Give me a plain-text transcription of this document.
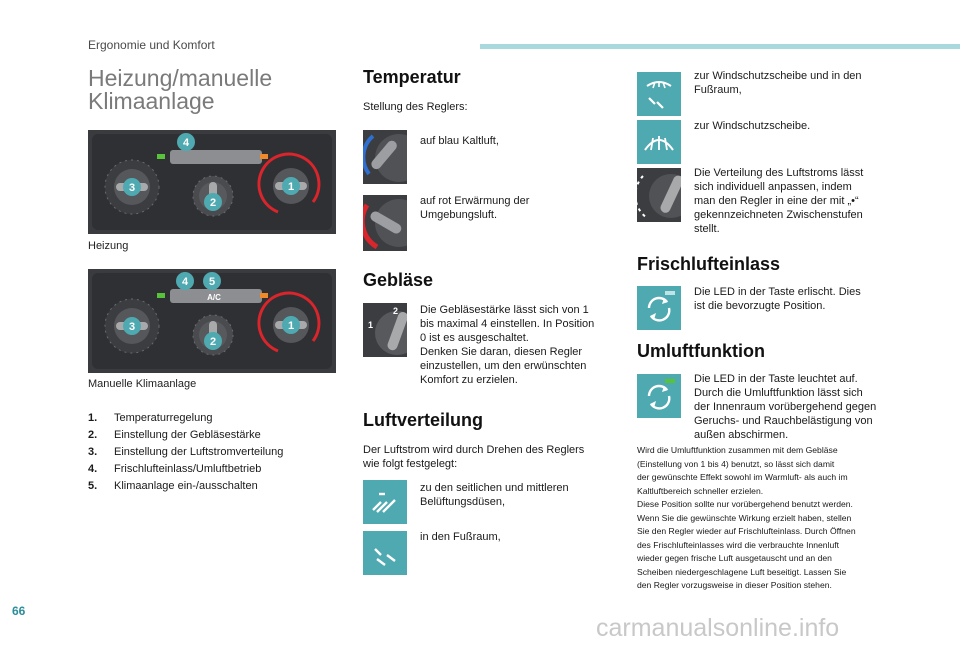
Ergonomie und Komfort
Heizung/manuelle
Klimaanlage
4
3	1
2
Heizung
A/C
4 5
3	1
2
Manuelle Klimaanlage
1. Temperaturregelung
2. Einstellung der Gebläsestärke
3. Einstellung der Luftstromverteilung
4. Frischlufteinlass/Umluftbetrieb
5. Klimaanlage ein-/ausschalten
Temperatur
Stellung des Reglers:
auf blau Kaltluft,
auf rot Erwärmung der
Umgebungsluft.
Gebläse
1
2 Die Gebläsestärke lässt sich von 1
bis maximal 4 einstellen. In Position
0 ist es ausgeschaltet.
Denken Sie daran, diesen Regler
einzustellen, um den erwünschten
Komfort zu erzielen.
Luftverteilung
Der Luftstrom wird durch Drehen des Reglers
wie folgt festgelegt:
zu den seitlichen und mittleren
Belüftungsdüsen,
in den Fußraum,
zur Windschutzscheibe und in den
Fußraum,
zur Windschutzscheibe.
Die Verteilung des Luftstroms lässt
sich individuell anpassen, indem
man den Regler in eine der mit „•“
gekennzeichneten Zwischenstufen
stellt.
Frischlufteinlass
Die LED in der Taste erlischt. Dies
ist die bevorzugte Position.
Umluftfunktion
Die LED in der Taste leuchtet auf.
Durch die Umluftfunktion lässt sich
der Innenraum vorübergehend gegen
Geruchs- und Rauchbelästigung von
außen abschirmen.
Wird die Umluftfunktion zusammen mit dem Gebläse
(Einstellung von 1 bis 4) benutzt, so lässt sich damit
der gewünschte Effekt sowohl im Warmluft- als auch im
Kaltluftbereich schneller erzielen.
Diese Position sollte nur vorübergehend benutzt werden.
Wenn Sie die gewünschte Wirkung erzielt haben, stellen
Sie den Regler wieder auf Frischlufteinlass. Durch Öffnen
des Frischlufteinlasses wird die verbrauchte Innenluft
wieder gegen frische Luft ausgetauscht und an den
Scheiben niedergeschlagene Luft beseitigt. Lassen Sie
den Regler vorzugsweise in dieser Position stehen.
66
carmanualsonline.info
